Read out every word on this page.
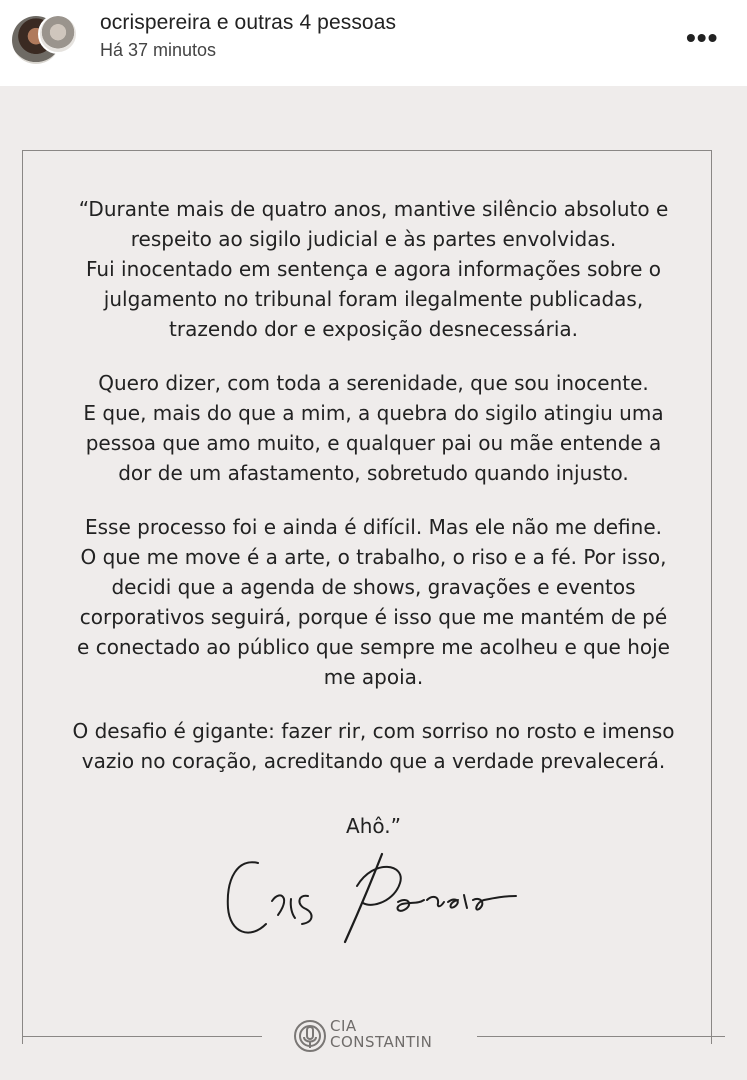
ocrispereira e outras 4 pessoas
Há 37 minutos	•••
“Durante mais de quatro anos, mantive silêncio absoluto e
respeito ao sigilo judicial e às partes envolvidas.
Fui inocentado em sentença e agora informações sobre o
julgamento no tribunal foram ilegalmente publicadas,
trazendo dor e exposição desnecessária.
Quero dizer, com toda a serenidade, que sou inocente.
E que, mais do que a mim, a quebra do sigilo atingiu uma
pessoa que amo muito, e qualquer pai ou mãe entende a
dor de um afastamento, sobretudo quando injusto.
Esse processo foi e ainda é difícil. Mas ele não me define.
O que me move é a arte, o trabalho, o riso e a fé. Por isso,
decidi que a agenda de shows, gravações e eventos
corporativos seguirá, porque é isso que me mantém de pé
e conectado ao público que sempre me acolheu e que hoje
me apoia.
O desafio é gigante: fazer rir, com sorriso no rosto e imenso
vazio no coração, acreditando que a verdade prevalecerá.
Ahô.”
CIA
CONSTANTIN
